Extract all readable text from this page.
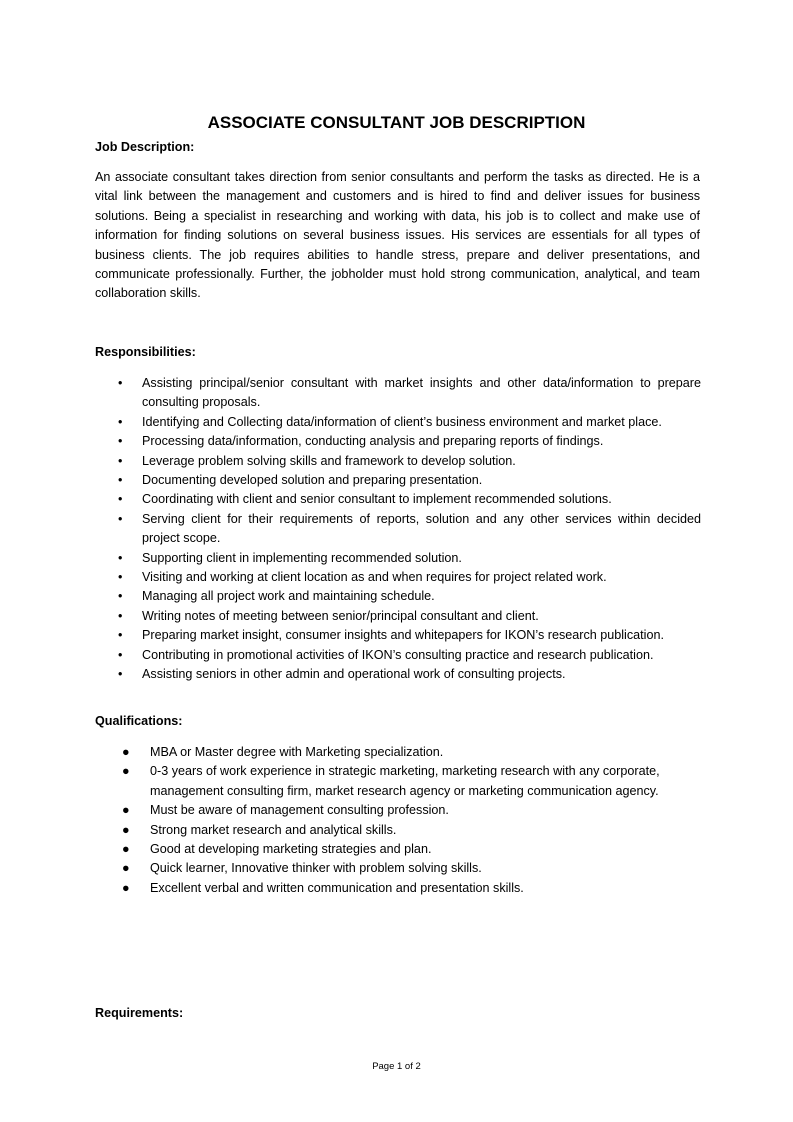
ASSOCIATE CONSULTANT JOB DESCRIPTION
Job Description:

An associate consultant takes direction from senior consultants and perform the tasks as directed. He is a vital link between the management and customers and is hired to find and deliver issues for business solutions. Being a specialist in researching and working with data, his job is to collect and make use of information for finding solutions on several business issues. His services are essentials for all types of business clients. The job requires abilities to handle stress, prepare and deliver presentations, and communicate professionally. Further, the jobholder must hold strong communication, analytical, and team collaboration skills.

Responsibilities:
• Assisting principal/senior consultant with market insights and other data/information to prepare consulting proposals.
• Identifying and Collecting data/information of client’s business environment and market place.
• Processing data/information, conducting analysis and preparing reports of findings.
• Leverage problem solving skills and framework to develop solution.
• Documenting developed solution and preparing presentation.
• Coordinating with client and senior consultant to implement recommended solutions.
• Serving client for their requirements of reports, solution and any other services within decided project scope.
• Supporting client in implementing recommended solution.
• Visiting and working at client location as and when requires for project related work.
• Managing all project work and maintaining schedule.
• Writing notes of meeting between senior/principal consultant and client.
• Preparing market insight, consumer insights and whitepapers for IKON’s research publication.
• Contributing in promotional activities of IKON’s consulting practice and research publication.
• Assisting seniors in other admin and operational work of consulting projects.
Qualifications:
● MBA or Master degree with Marketing specialization.
● 0-3 years of work experience in strategic marketing, marketing research with any corporate, management consulting firm, market research agency or marketing communication agency.
● Must be aware of management consulting profession.
● Strong market research and analytical skills.
● Good at developing marketing strategies and plan.
● Quick learner, Innovative thinker with problem solving skills.
● Excellent verbal and written communication and presentation skills.
Requirements:
Page 1 of 2
